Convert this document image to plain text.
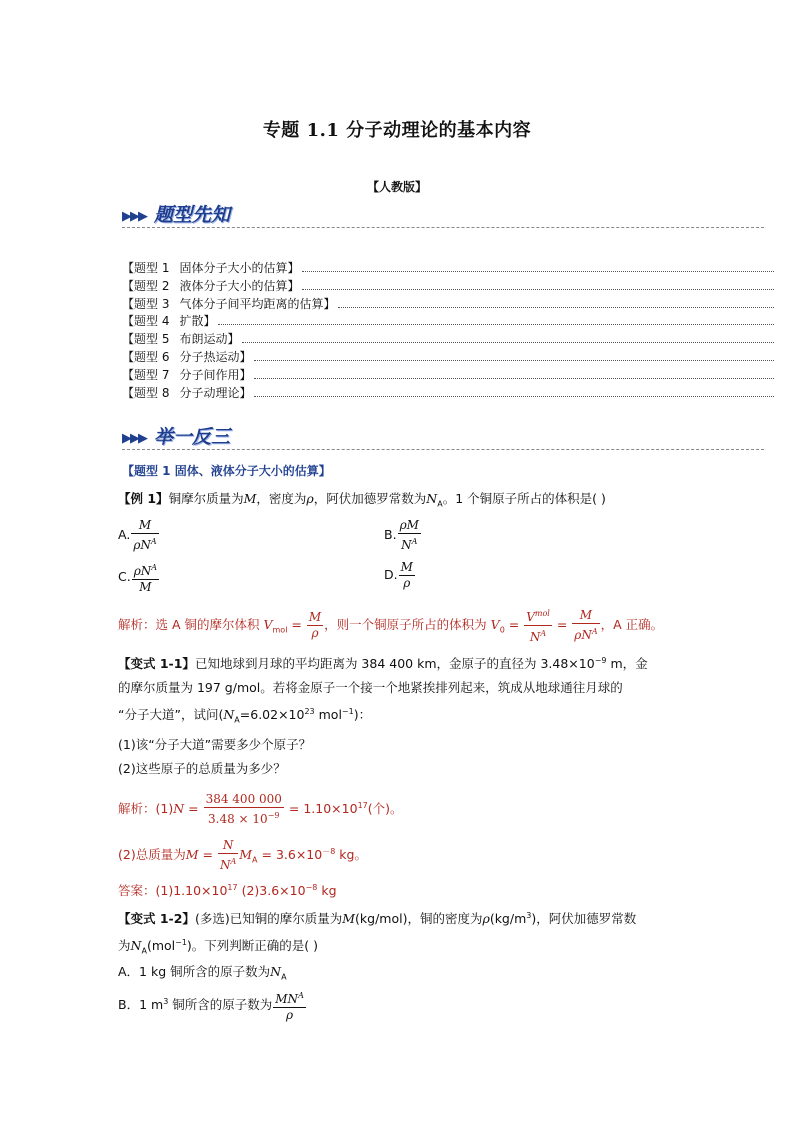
专题 1.1 分子动理论的基本内容
【人教版】
▶▶▶ 题型先知
【题型 1 固体分子大小的估算】
【题型 2 液体分子大小的估算】
【题型 3 气体分子间平均距离的估算】
【题型 4 扩散】
【题型 5 布朗运动】
【题型 6 分子热运动】
【题型 7 分子间作用】
【题型 8 分子动理论】
▶▶▶ 举一反三
【题型 1 固体、液体分子大小的估算】
【例 1】铜摩尔质量为M，密度为ρ，阿伏加德罗常数为$N_A$。1 个铜原子所占的体积是( )
A. $\frac{M}{\rho N^A}$	B. $\frac{\rho M}{N^A}$
C. $\frac{\rho N^A}{M}$	D. $\frac{M}{\rho}$
解析：选 A 铜的摩尔体积 $V_{mol} = \frac{M}{\rho}$ ，则一个铜原子所占的体积为 $V_0 = \frac{V^{mol}}{N^A} = \frac{M}{\rho N^A}$ ，A 正确。
【变式 1-1】已知地球到月球的平均距离为 384 400 km，金原子的直径为 $3.48\times 10^{-9}$ m，金
的摩尔质量为 197 g/mol。若将金原子一个接一个地紧挨排列起来，筑成从地球通往月球的
“分子大道”，试问($N_A=6.02\times 10^{23}$ mol$^{-1}$)：
(1)该“分子大道”需要多少个原子？
(2)这些原子的总质量为多少？
解析：$(1)N = \frac{384 400 000}{3.48 \times 10^{-9}} = 1.10\times 10^{17}$(个)。
(2)总质量为$M = \frac{N}{N^A} M_A = 3.6\times 10^{-8}$ kg。
答案：$(1)1.10\times 10^{17}$ $(2)3.6\times 10^{-8}$ kg
【变式 1-2】(多选)已知铜的摩尔质量为M(kg/mol)，铜的密度为$\rho(kg/m^3)$，阿伏加德罗常数
为$N_A(mol^{-1})$。下列判断正确的是( )
A．1 kg 铜所含的原子数为$N_A$
B．1 $m^3$ 铜所含的原子数为 $\frac{MN^A}{\rho}$
